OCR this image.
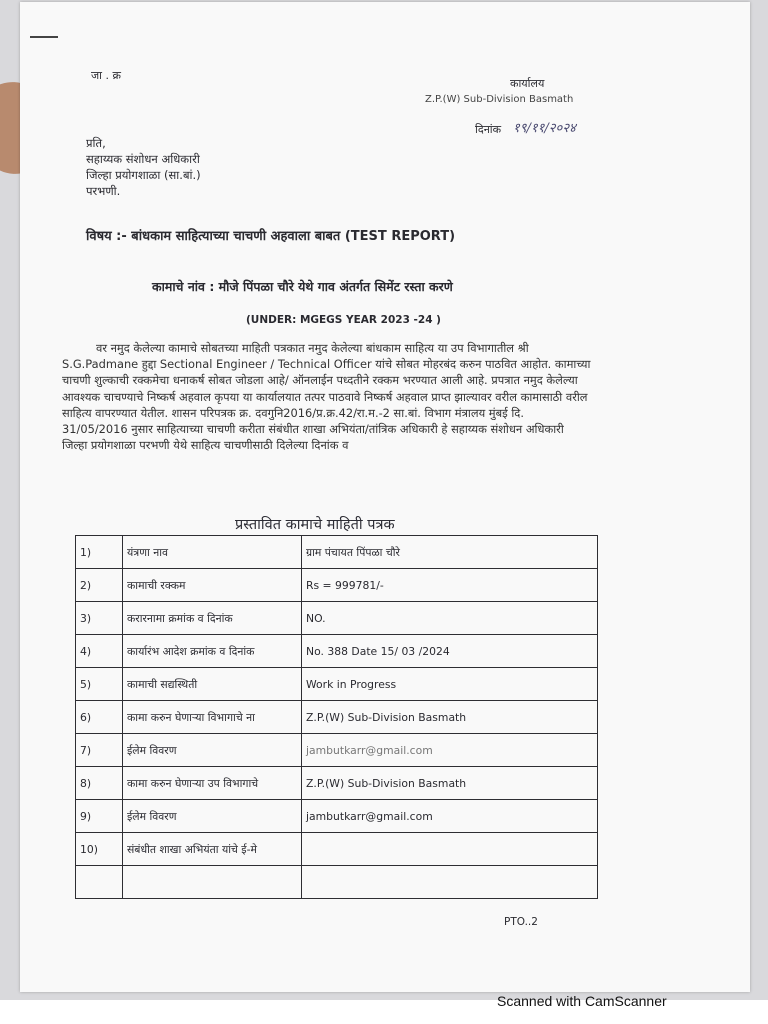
जा . क्र
कार्यालय
Z.P.(W) Sub-Division Basmath
दिनांक १९/११/२०२४
प्रति,
सहाय्यक संशोधन अधिकारी
जिल्हा प्रयोगशाळा (सा.बां.)
परभणी.
विषय :- बांधकाम साहित्याच्या चाचणी अहवाला बाबत (TEST REPORT)
कामाचे नांव : मौजे पिंपळा चौरे येथे गाव अंतर्गत सिमेंट रस्ता करणे
(UNDER: MGEGS YEAR 2023 -24 )
प्रस्तावित कामाचे माहिती पत्रक
PTO..2

वर नमुद केलेल्या कामाचे सोबतच्या माहिती पत्रकात नमुद केलेल्या बांधकाम साहित्य या उप विभागातील श्री S.G.Padmane हुद्दा Sectional Engineer / Technical Officer यांचे सोबत मोहरबंद करुन पाठवित आहोत. कामाच्या चाचणी शुल्काची रक्कमेचा धनाकर्ष सोबत जोडला आहे/ ऑनलाईन पध्दतीने रक्कम भरण्यात आली आहे. प्रपत्रात नमुद केलेल्या आवश्यक चाचण्याचे निष्कर्ष अहवाल कृपया या कार्यालयात तत्पर पाठवावे निष्कर्ष अहवाल प्राप्त झाल्यावर वरील कामासाठी वरील साहित्य वापरण्यात येतील. शासन परिपत्रक क्र. दवगुनि2016/प्र.क्र.42/रा.म.-2 सा.बां. विभाग मंत्रालय मुंबई दि. 31/05/2016 नुसार साहित्याच्या चाचणी करीता संबंधीत शाखा अभियंता/तांत्रिक अधिकारी हे सहाय्यक संशोधन अधिकारी जिल्हा प्रयोगशाळा परभणी येथे साहित्य चाचणीसाठी दिलेल्या दिनांक व

1)	यंत्रणा नाव	ग्राम पंचायत पिंपळा चौरे
2)	कामाची रक्कम	Rs = 999781/-
3)	करारनामा क्रमांक व दिनांक	NO.
4)	कार्यारंभ आदेश क्रमांक व दिनांक	No. 388 Date 15/ 03 /2024
5)	कामाची सद्यस्थिती	Work in Progress
6)	कामा करुन घेणाऱ्या विभागाचे ना	Z.P.(W) Sub-Division Basmath
7)	ईलेम विवरण	jambutkarr@gmail.com
8)	कामा करुन घेणाऱ्या उप विभागाचे	Z.P.(W) Sub-Division Basmath
9)	ईलेम विवरण	jambutkarr@gmail.com
10)	संबंधीत शाखा अभियंता यांचे ई-मे	

Scanned with CamScanner
